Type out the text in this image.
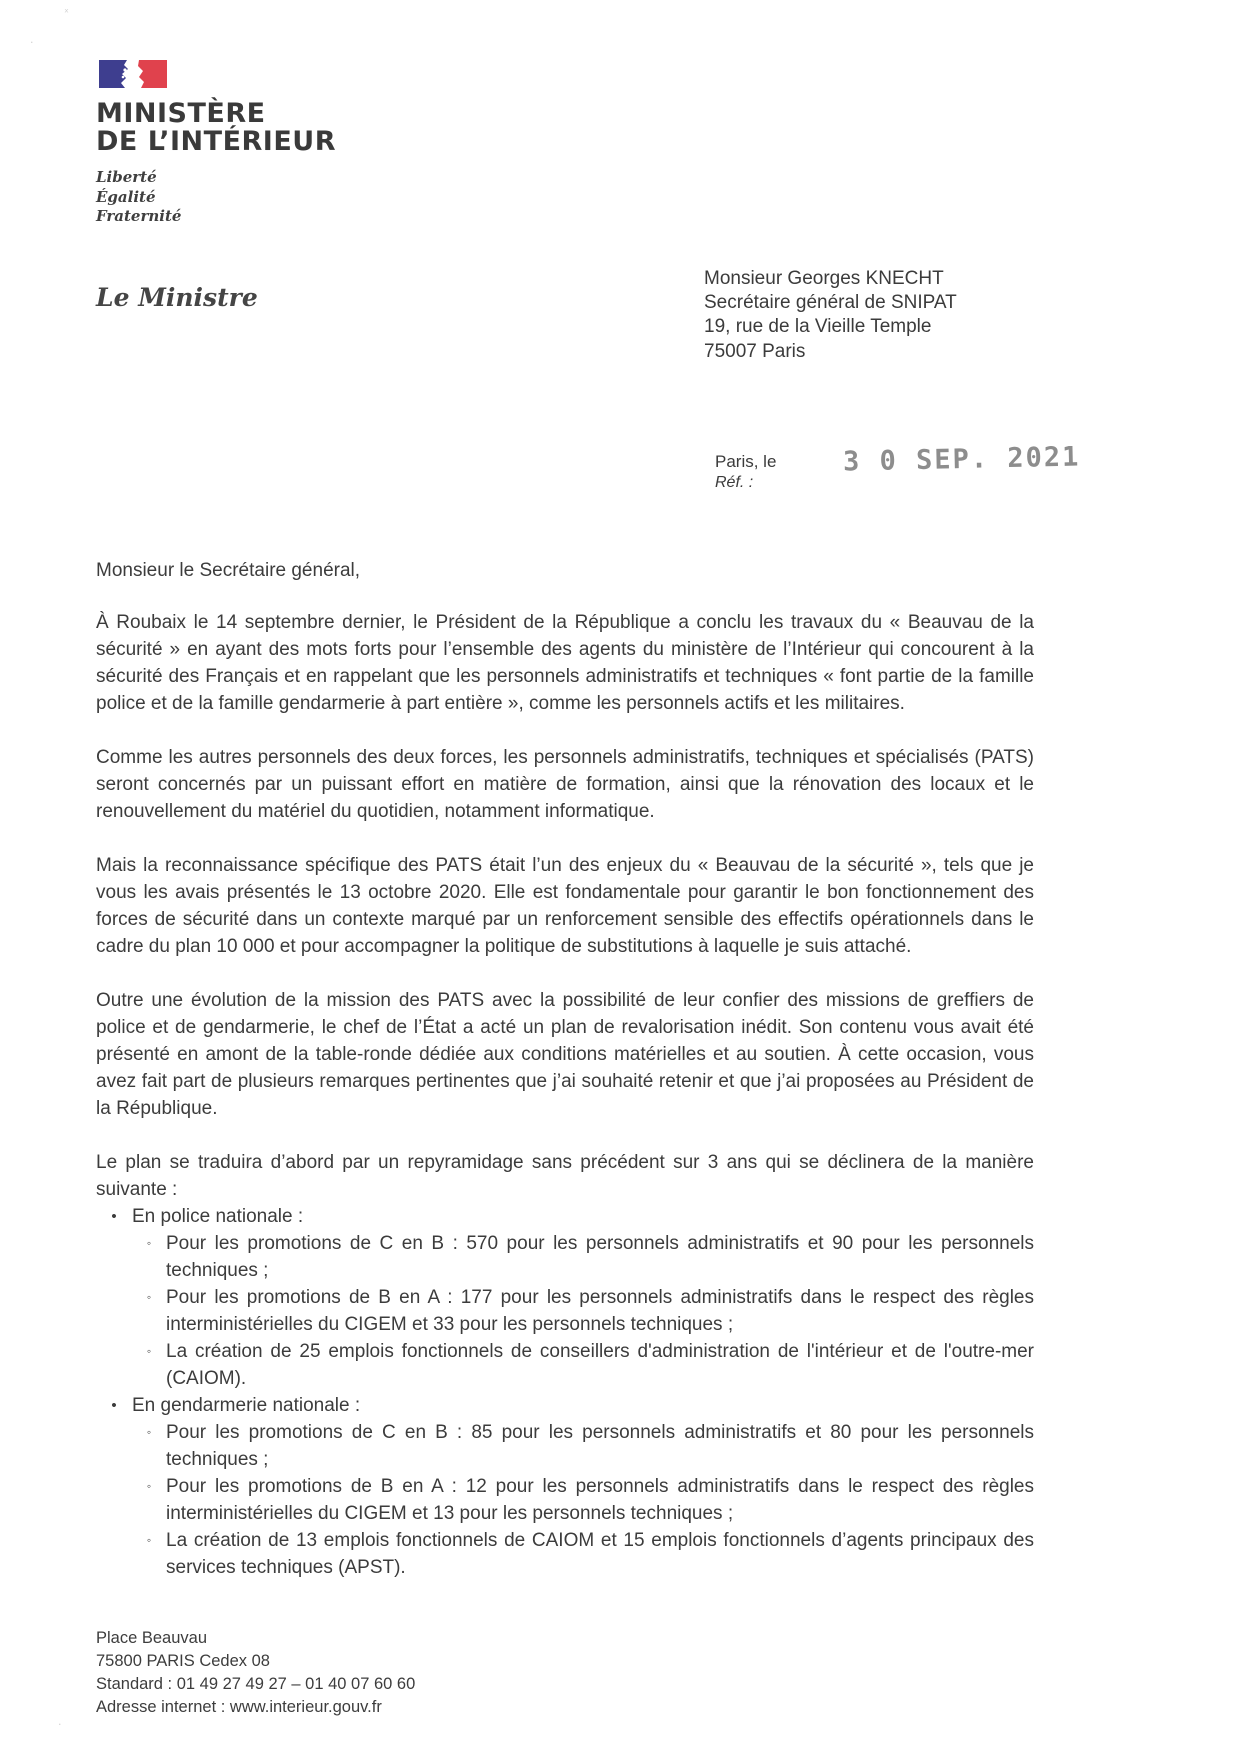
ˣ
·
·
MINISTÈRE
DE L’INTÉRIEUR
Liberté
Égalité
Fraternité
Le Ministre
Monsieur Georges KNECHT
Secrétaire général de SNIPAT
19, rue de la Vieille Temple
75007 Paris
Paris, le
Réf. :
3 0 SEP. 2021
Monsieur le Secrétaire général,

À Roubaix le 14 septembre dernier, le Président de la République a conclu les travaux du « Beauvau de la sécurité » en ayant des mots forts pour l’ensemble des agents du ministère de l’Intérieur qui concourent à la sécurité des Français et en rappelant que les personnels administratifs et techniques « font partie de la famille police et de la famille gendarmerie à part entière », comme les personnels actifs et les militaires.

Comme les autres personnels des deux forces, les personnels administratifs, techniques et spécialisés (PATS) seront concernés par un puissant effort en matière de formation, ainsi que la rénovation des locaux et le renouvellement du matériel du quotidien, notamment informatique.

Mais la reconnaissance spécifique des PATS était l’un des enjeux du « Beauvau de la sécurité », tels que je vous les avais présentés le 13 octobre 2020. Elle est fondamentale pour garantir le bon fonctionnement des forces de sécurité dans un contexte marqué par un renforcement sensible des effectifs opérationnels dans le cadre du plan 10 000 et pour accompagner la politique de substitutions à laquelle je suis attaché.

Outre une évolution de la mission des PATS avec la possibilité de leur confier des missions de greffiers de police et de gendarmerie, le chef de l’État a acté un plan de revalorisation inédit. Son contenu vous avait été présenté en amont de la table-ronde dédiée aux conditions matérielles et au soutien. À cette occasion, vous avez fait part de plusieurs remarques pertinentes que j’ai souhaité retenir et que j’ai proposées au Président de la République.

Le plan se traduira d’abord par un repyramidage sans précédent sur 3 ans qui se déclinera de la manière suivante :

• En police nationale :
◦ Pour les promotions de C en B : 570 pour les personnels administratifs et 90 pour les personnels techniques ;
◦ Pour les promotions de B en A : 177 pour les personnels administratifs dans le respect des règles interministérielles du CIGEM et 33 pour les personnels techniques ;
◦ La création de 25 emplois fonctionnels de conseillers d'administration de l'intérieur et de l'outre-mer (CAIOM).
• En gendarmerie nationale :
◦ Pour les promotions de C en B : 85 pour les personnels administratifs et 80 pour les personnels techniques ;
◦ Pour les promotions de B en A : 12 pour les personnels administratifs dans le respect des règles interministérielles du CIGEM et 13 pour les personnels techniques ;
◦ La création de 13 emplois fonctionnels de CAIOM et 15 emplois fonctionnels d’agents principaux des services techniques (APST).
Place Beauvau
75800 PARIS Cedex 08
Standard : 01 49 27 49 27 – 01 40 07 60 60
Adresse internet : www.interieur.gouv.fr
